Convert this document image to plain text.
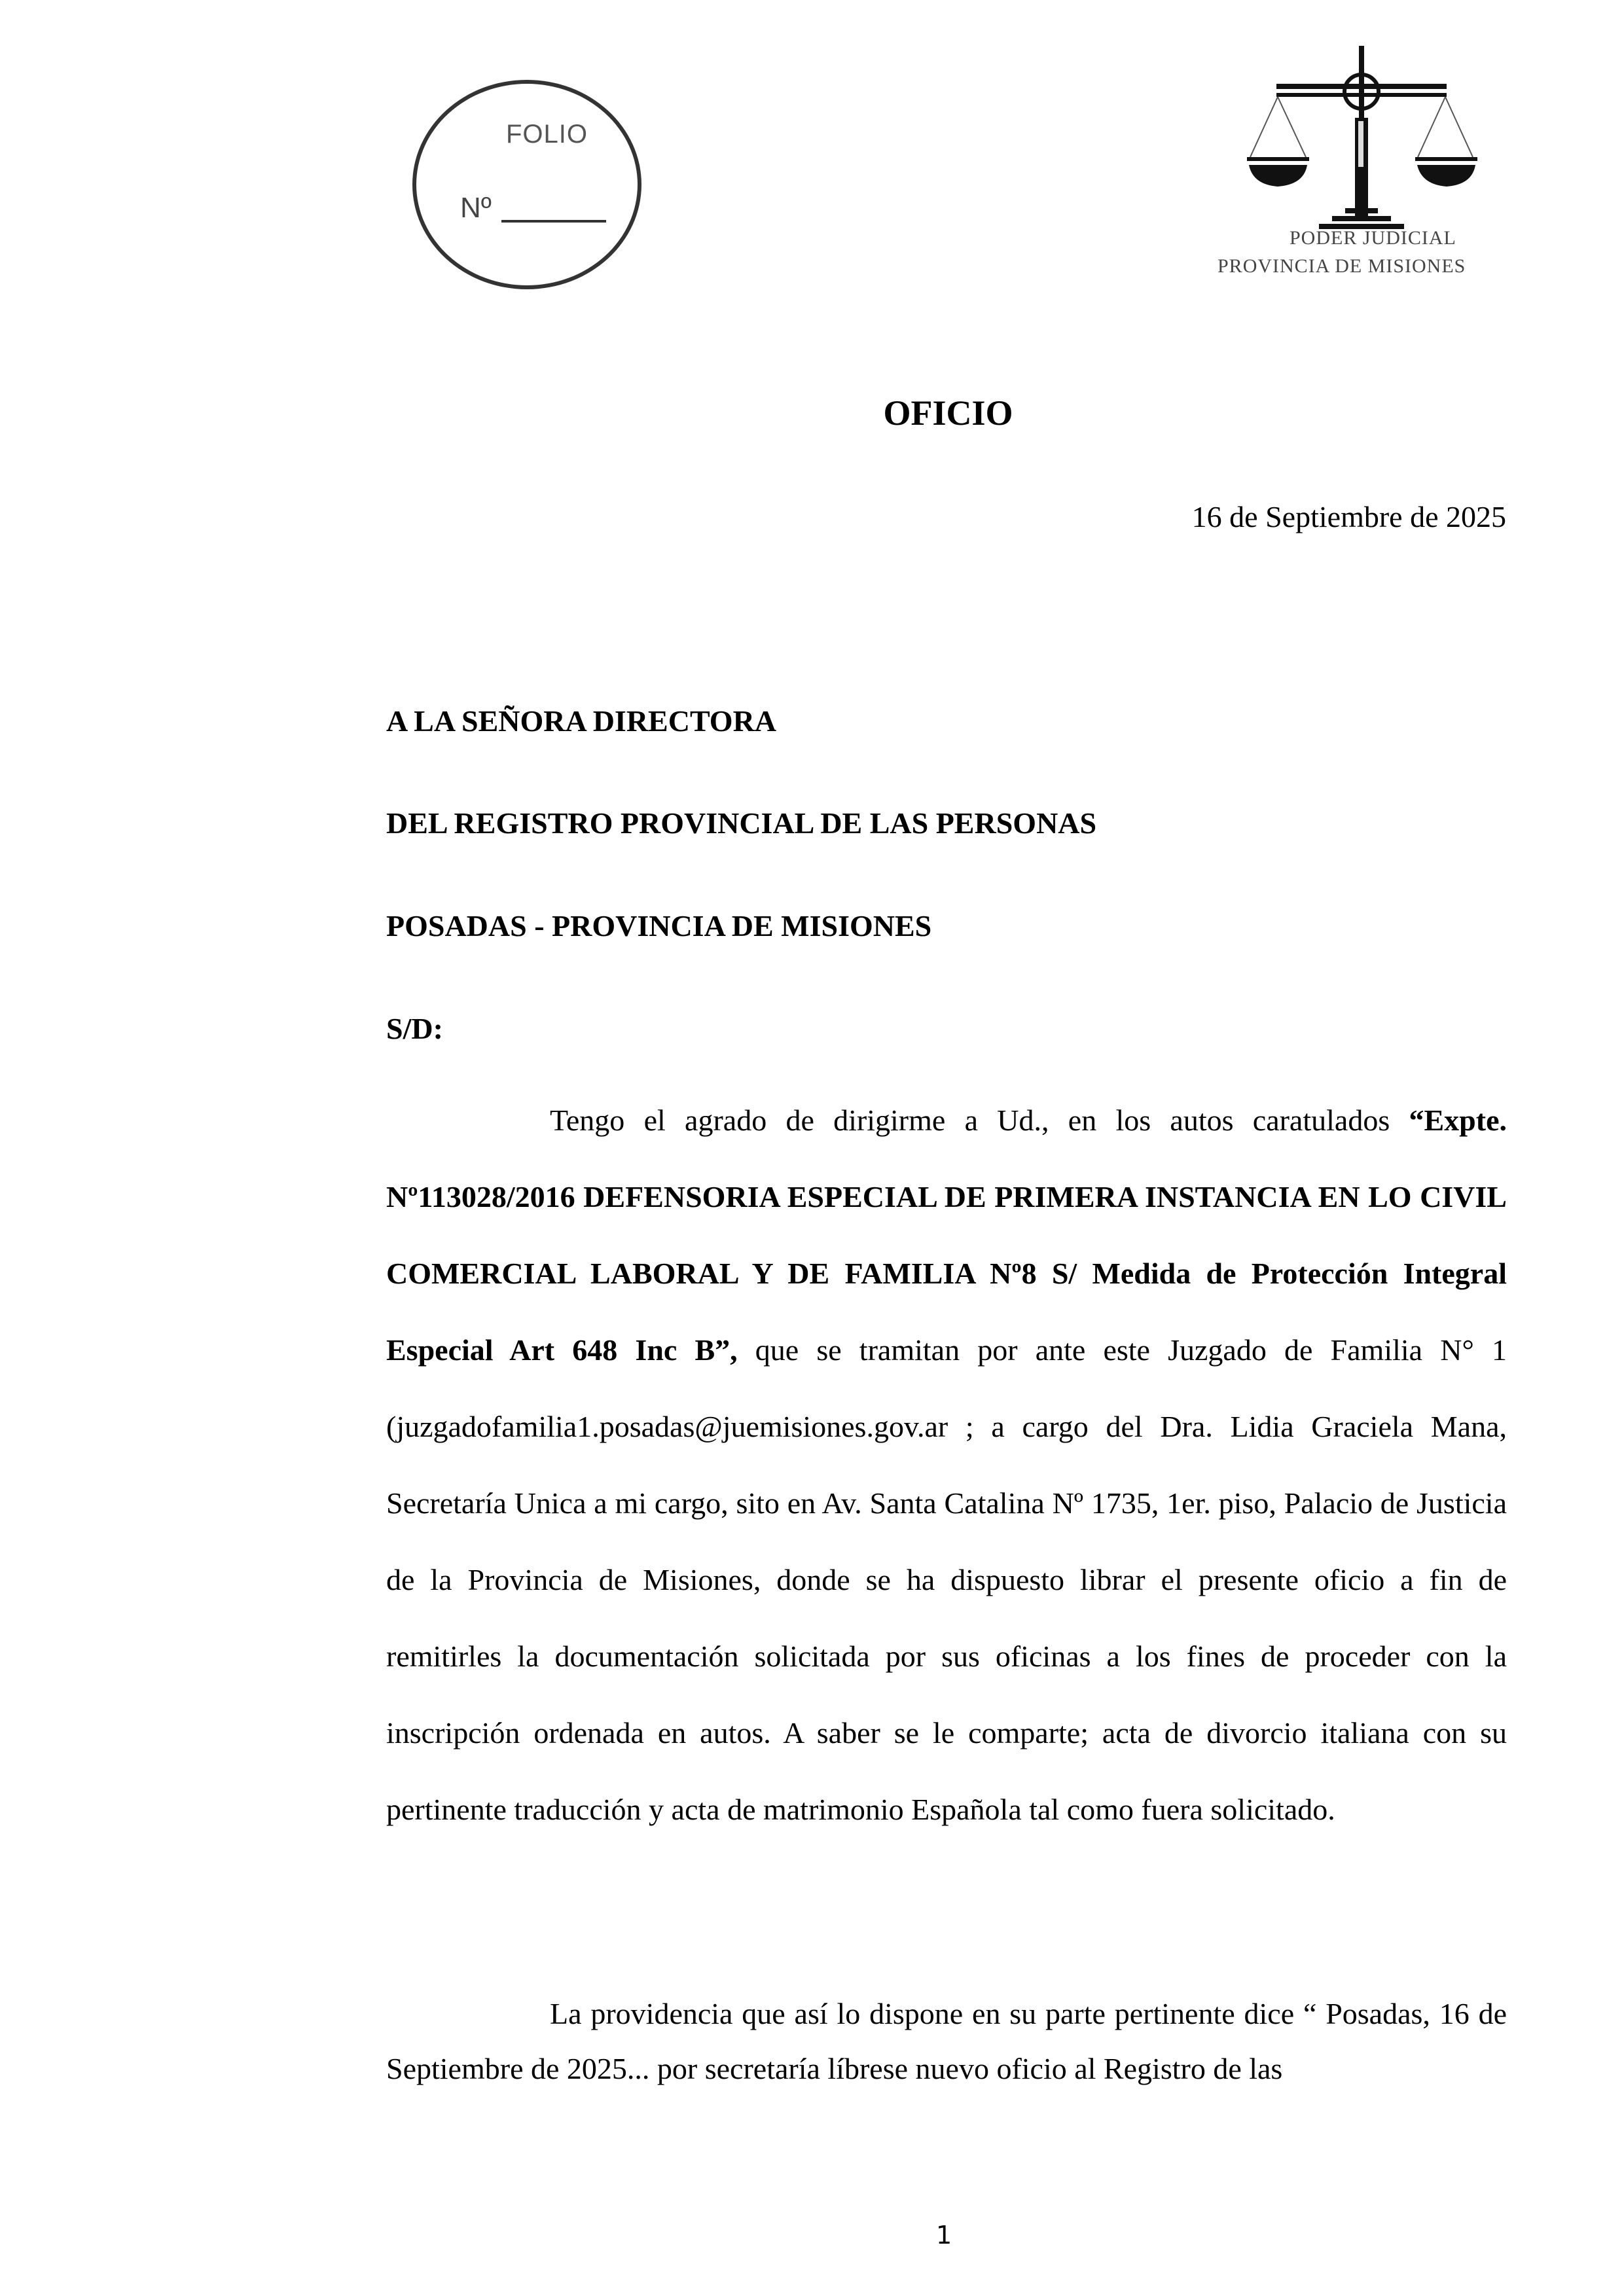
FOLIO
Nº
PODER JUDICIAL
PROVINCIA DE MISIONES
OFICIO
16 de Septiembre de 2025
A LA SEÑORA DIRECTORA
DEL REGISTRO PROVINCIAL DE LAS PERSONAS
POSADAS - PROVINCIA DE MISIONES
S/D:

Tengo el agrado de dirigirme a Ud., en los autos caratulados “Expte. Nº113028/2016 DEFENSORIA ESPECIAL DE PRIMERA INSTANCIA EN LO CIVIL COMERCIAL LABORAL Y DE FAMILIA Nº8 S/ Medida de Protección Integral Especial Art 648 Inc B”, que se tramitan por ante este Juzgado de Familia N° 1 (juzgadofamilia1.posadas@juemisiones.gov.ar ; a cargo del Dra. Lidia Graciela Mana, Secretaría Unica a mi cargo, sito en Av. Santa Catalina Nº 1735, 1er. piso, Palacio de Justicia de la Provincia de Misiones, donde se ha dispuesto librar el presente oficio a fin de remitirles la documentación solicitada por sus oficinas a los fines de proceder con la inscripción ordenada en autos. A saber se le comparte; acta de divorcio italiana con su pertinente traducción y acta de matrimonio Española tal como fuera solicitado.

La providencia que así lo dispone en su parte pertinente dice “ Posadas, 16 de Septiembre de 2025... por secretaría líbrese nuevo oficio al Registro de las

1
